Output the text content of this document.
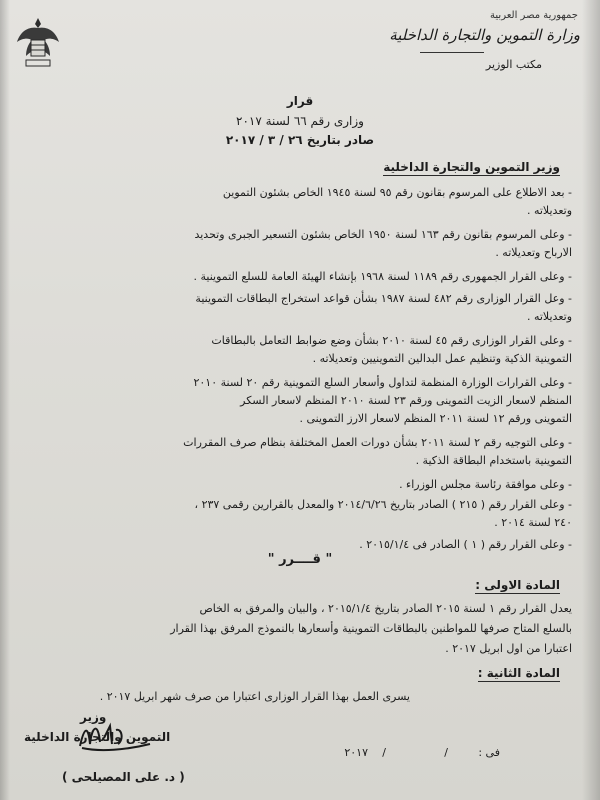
جمهورية مصر العربية
وزارة التموين والتجارة الداخلية
مكتب الوزير
قرار
وزارى رقم ٦٦ لسنة ٢٠١٧
صادر بتاريخ ٢٦ / ٣ / ٢٠١٧
وزير التموين والتجارة الداخلية
- بعد الاطلاع على المرسوم بقانون رقم ٩٥ لسنة ١٩٤٥ الخاص بشئون التموين
وتعديلاته .
- وعلى المرسوم بقانون رقم ١٦٣ لسنة ١٩٥٠ الخاص بشئون التسعير الجبرى وتحديد
الارباح وتعديلاته .
- وعلى القرار الجمهورى رقم ١١٨٩ لسنة ١٩٦٨ بإنشاء الهيئة العامة للسلع التموينية .
- وعل القرار الوزارى رقم ٤٨٢ لسنة ١٩٨٧ بشأن قواعد استخراج البطاقات التموينية
وتعديلاته .
- وعلى القرار الوزارى رقم ٤٥ لسنة ٢٠١٠ بشأن وضع ضوابط التعامل بالبطاقات
التموينية الذكية وتنظيم عمل البدالين التموينيين وتعديلاته .
- وعلى القرارات الوزارة المنظمة لتداول وأسعار السلع التموينية رقم ٢٠ لسنة ٢٠١٠
المنظم لاسعار الزيت التموينى ورقم ٢٣ لسنة ٢٠١٠ المنظم لاسعار السكر
التموينى ورقم ١٢ لسنة ٢٠١١ المنظم لاسعار الارز التموينى .
- وعلى التوجيه رقم ٢ لسنة ٢٠١١ بشأن دورات العمل المختلفة بنظام صرف المقررات
التموينية باستخدام البطاقة الذكية .
- وعلى موافقة رئاسة مجلس الوزراء .
- وعلى القرار رقم ( ٢١٥ ) الصادر بتاريخ ٢٠١٤/٦/٢٦ والمعدل بالقرارين رقمى ٢٣٧ ،
٢٤٠ لسنة ٢٠١٤ .
- وعلى القرار رقم ( ١ ) الصادر فى ٢٠١٥/١/٤ .
" قــــرر "
المادة الاولى :
يعدل القرار رقم ١ لسنة ٢٠١٥ الصادر بتاريخ ٢٠١٥/١/٤ ، والبيان والمرفق به الخاص
بالسلع المتاح صرفها للمواطنين بالبطاقات التموينية وأسعارها بالنموذج المرفق بهذا القرار
اعتبارا من اول ابريل ٢٠١٧ .
المادة الثانية :
يسرى العمل بهذا القرار الوزارى اعتبارا من صرف شهر ابريل ٢٠١٧ .
وزير
التموين والتجارة الداخلية
( د. على المصيلحى )
فى :
/
/
٢٠١٧
